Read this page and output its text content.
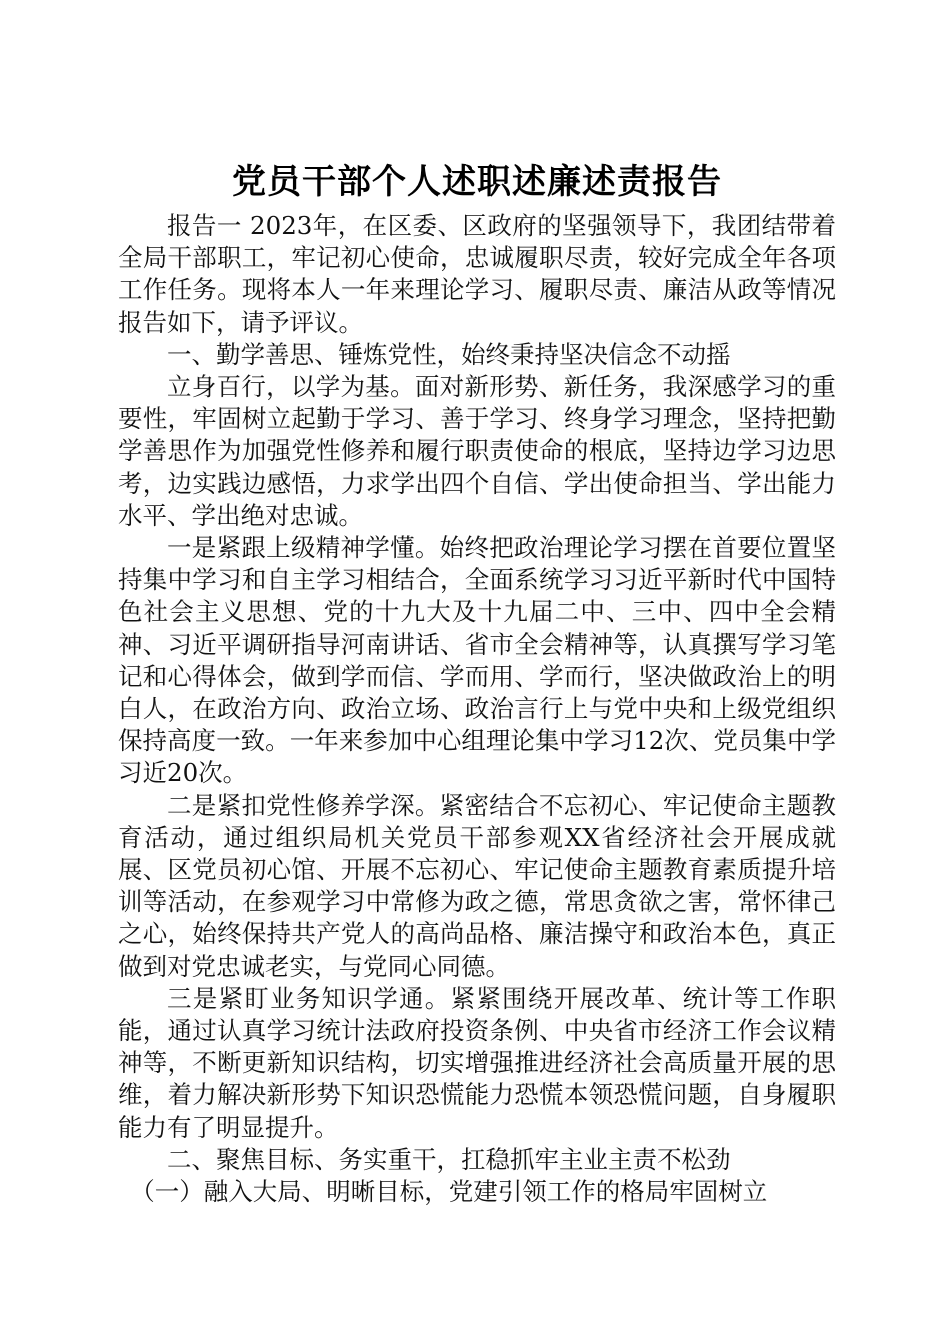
党员干部个人述职述廉述责报告

报告一 2023年，在区委、区政府的坚强领导下，我团结带着全局干部职工，牢记初心使命，忠诚履职尽责，较好完成全年各项工作任务。现将本人一年来理论学习、履职尽责、廉洁从政等情况报告如下，请予评议。

一、勤学善思、锤炼党性，始终秉持坚决信念不动摇

立身百行，以学为基。面对新形势、新任务，我深感学习的重要性，牢固树立起勤于学习、善于学习、终身学习理念，坚持把勤学善思作为加强党性修养和履行职责使命的根底，坚持边学习边思考，边实践边感悟，力求学出四个自信、学出使命担当、学出能力水平、学出绝对忠诚。

一是紧跟上级精神学懂。始终把政治理论学习摆在首要位置坚持集中学习和自主学习相结合，全面系统学习习近平新时代中国特色社会主义思想、党的十九大及十九届二中、三中、四中全会精神、习近平调研指导河南讲话、省市全会精神等，认真撰写学习笔记和心得体会，做到学而信、学而用、学而行，坚决做政治上的明白人，在政治方向、政治立场、政治言行上与党中央和上级党组织保持高度一致。一年来参加中心组理论集中学习12次、党员集中学习近20次。

二是紧扣党性修养学深。紧密结合不忘初心、牢记使命主题教育活动，通过组织局机关党员干部参观XX省经济社会开展成就展、区党员初心馆、开展不忘初心、牢记使命主题教育素质提升培训等活动，在参观学习中常修为政之德，常思贪欲之害，常怀律己之心，始终保持共产党人的高尚品格、廉洁操守和政治本色，真正做到对党忠诚老实，与党同心同德。

三是紧盯业务知识学通。紧紧围绕开展改革、统计等工作职能，通过认真学习统计法政府投资条例、中央省市经济工作会议精神等，不断更新知识结构，切实增强推进经济社会高质量开展的思维，着力解决新形势下知识恐慌能力恐慌本领恐慌问题，自身履职能力有了明显提升。

二、聚焦目标、务实重干，扛稳抓牢主业主责不松劲

（一）融入大局、明晰目标，党建引领工作的格局牢固树立
